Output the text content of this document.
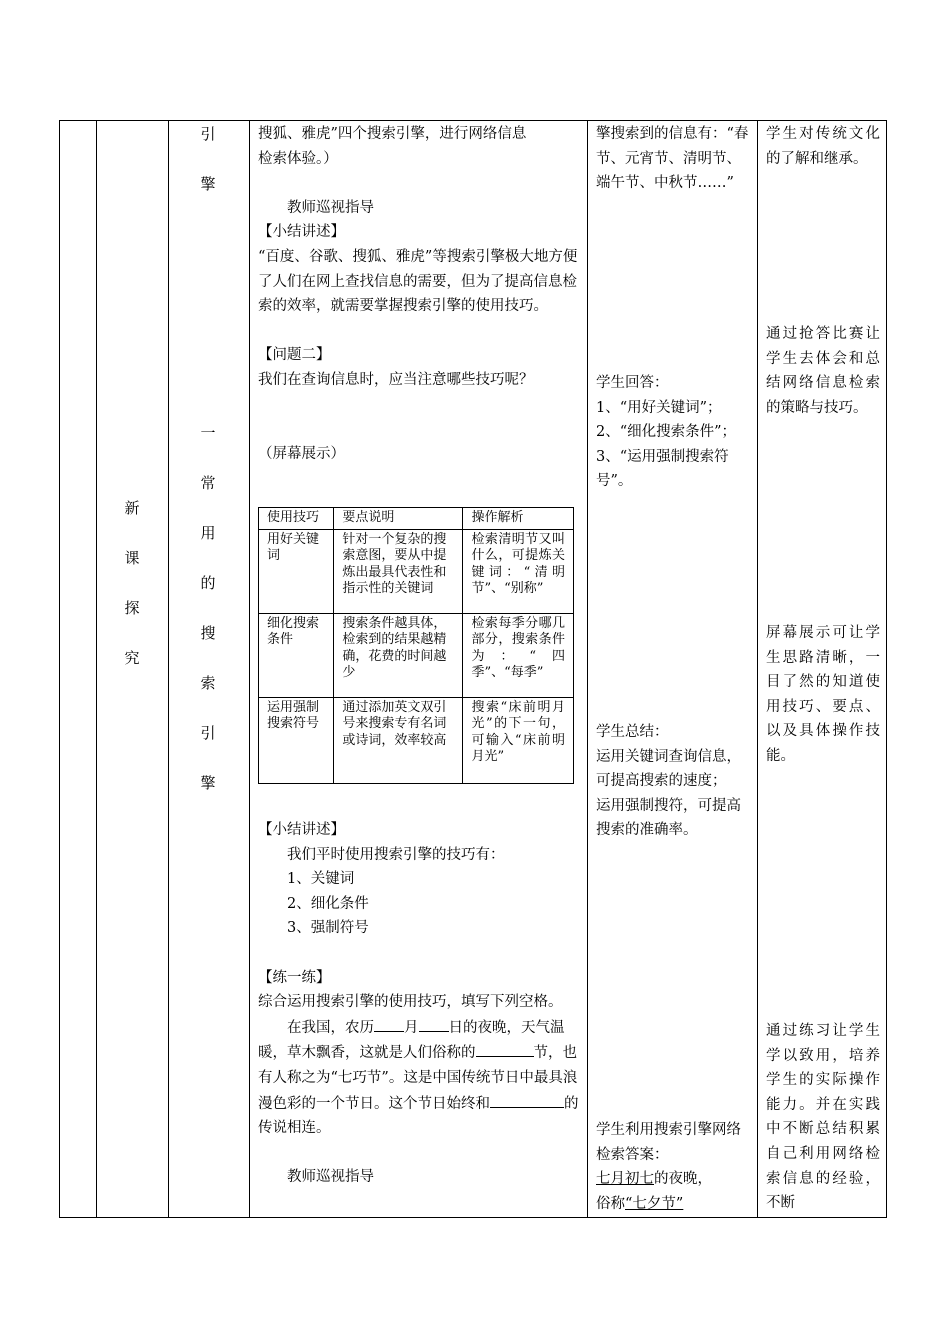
新
课
探
究
引
擎
一
常
用
的
搜
索
引
擎

搜狐、雅虎”四个搜索引擎，进行网络信息

检索体验。）

教师巡视指导

【小结讲述】

“百度、谷歌、搜狐、雅虎”等搜索引擎极大地方便了人们在网上查找信息的需要，但为了提高信息检索的效率，就需要掌握搜索引擎的使用技巧。

【问题二】

我们在查询信息时，应当注意哪些技巧呢？

（屏幕展示）

使用技巧	要点说明	操作解析
用好关键词	针对一个复杂的搜索意图，要从中提炼出最具代表性和指示性的关键词	检索清明节又叫什么，可提炼关键词：“清明节”、“别称”
细化搜索条件	搜索条件越具体，检索到的结果越精确，花费的时间越少	检索每季分哪几部分，搜索条件为：“四季”、“每季”
运用强制搜索符号	通过添加英文双引号来搜索专有名词或诗词，效率较高	搜索“床前明月光”的下一句，可输入“床前明月光”

【小结讲述】

我们平时使用搜索引擎的技巧有：

1、关键词

2、细化条件

3、强制符号

【练一练】

综合运用搜索引擎的使用技巧，填写下列空格。

在我国，农历 月 日的夜晚，天气温暖，草木飘香，这就是人们俗称的	节，也有人称之为“七巧节”。这是中国传统节日中最具浪漫色彩的一个节日。这个节日始终和	的传说相连。

教师巡视指导

擎搜索到的信息有：“春节、元宵节、清明节、端午节、中秋节……”

学生回答：

1、“用好关键词”；

2、“细化搜索条件”；

3、“运用强制搜索符号”。

学生总结：

运用关键词查询信息，可提高搜索的速度；

运用强制搜符，可提高搜索的准确率。

学生利用搜索引擎网络检索答案：

七月初七的夜晚，

俗称“七夕节”

学生对传统文化的了解和继承。

通过抢答比赛让学生去体会和总结网络信息检索的策略与技巧。

屏幕展示可让学生思路清晰，一目了然的知道使用技巧、要点、以及具体操作技能。

通过练习让学生学以致用，培养学生的实际操作能力。并在实践中不断总结积累自己利用网络检索信息的经验，不断
